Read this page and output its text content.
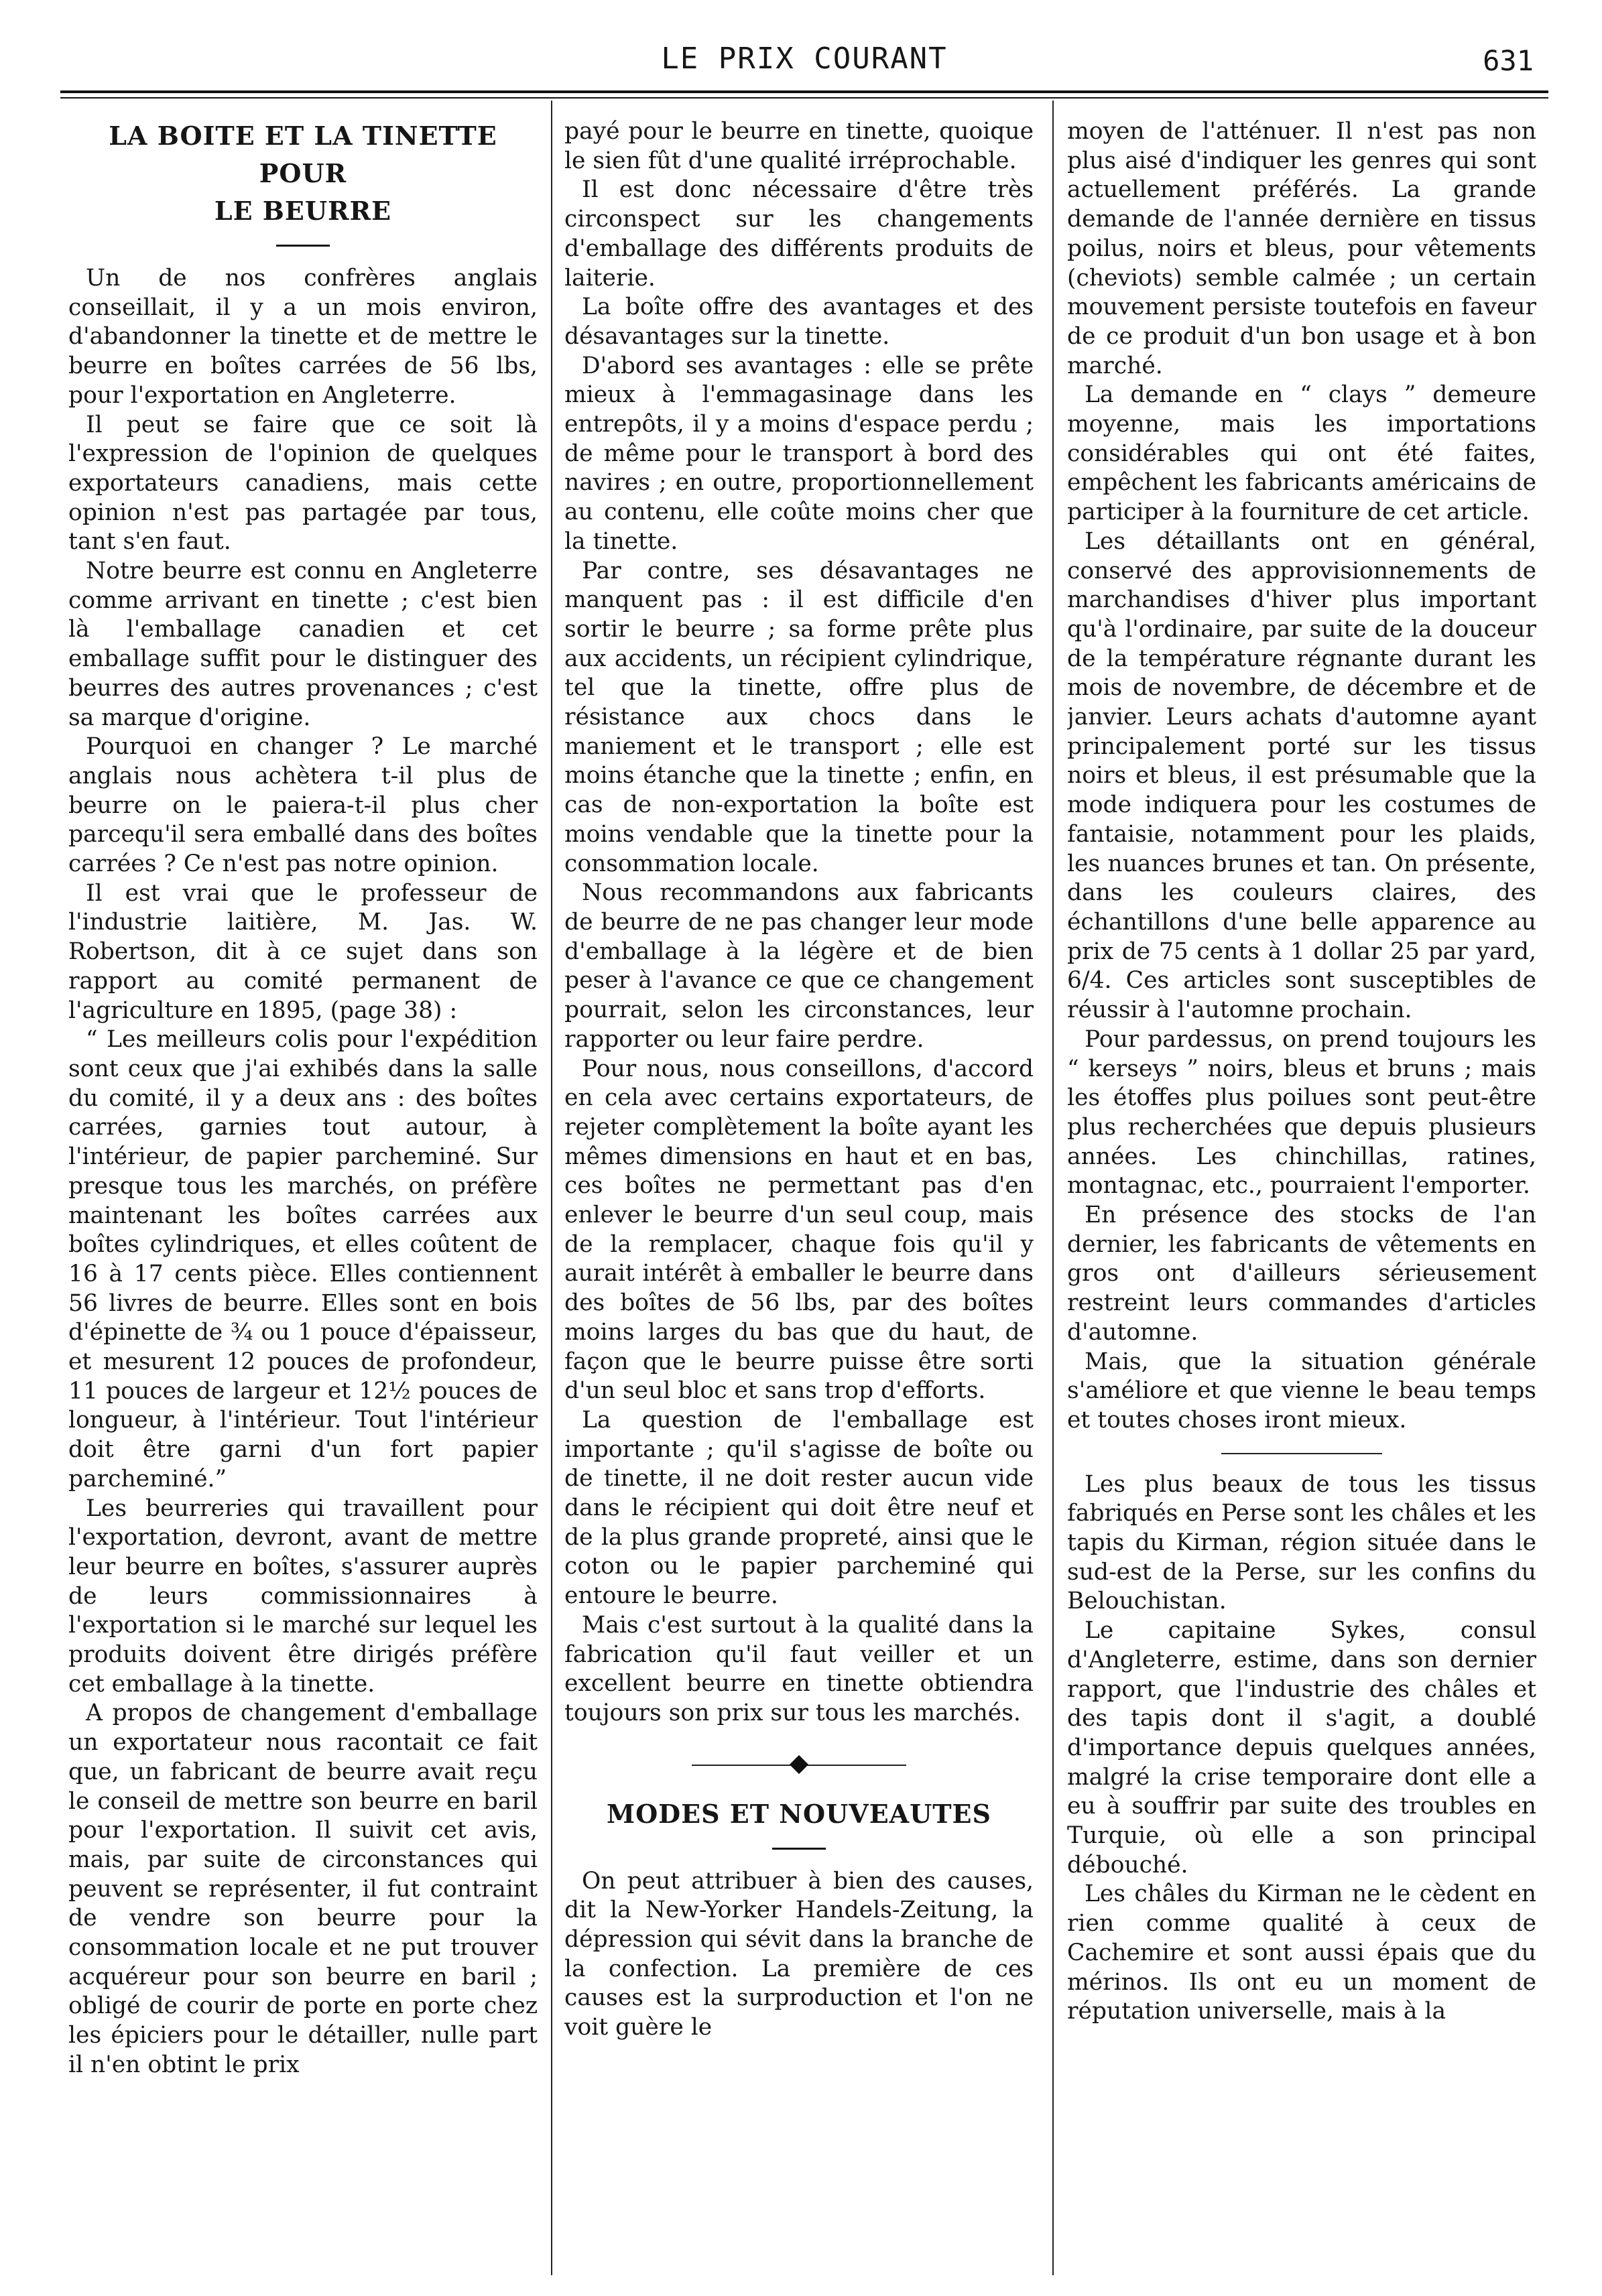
LE PRIX COURANT	631
LA BOITE ET LA TINETTE POUR
LE BEURRE

Un de nos confrères anglais conseillait, il y a un mois environ, d'abandonner la tinette et de mettre le beurre en boîtes carrées de 56 lbs, pour l'exportation en Angleterre.

Il peut se faire que ce soit là l'expression de l'opinion de quelques exportateurs canadiens, mais cette opinion n'est pas partagée par tous, tant s'en faut.

Notre beurre est connu en Angleterre comme arrivant en tinette ; c'est bien là l'emballage canadien et cet emballage suffit pour le distinguer des beurres des autres provenances ; c'est sa marque d'origine.

Pourquoi en changer ? Le marché anglais nous achètera t-il plus de beurre on le paiera-t-il plus cher parcequ'il sera emballé dans des boîtes carrées ? Ce n'est pas notre opinion.

Il est vrai que le professeur de l'industrie laitière, M. Jas. W. Robertson, dit à ce sujet dans son rapport au comité permanent de l'agriculture en 1895, (page 38) :

“ Les meilleurs colis pour l'expédition sont ceux que j'ai exhibés dans la salle du comité, il y a deux ans : des boîtes carrées, garnies tout autour, à l'intérieur, de papier parcheminé. Sur presque tous les marchés, on préfère maintenant les boîtes carrées aux boîtes cylindriques, et elles coûtent de 16 à 17 cents pièce. Elles contiennent 56 livres de beurre. Elles sont en bois d'épinette de ¾ ou 1 pouce d'épaisseur, et mesurent 12 pouces de profondeur, 11 pouces de largeur et 12½ pouces de longueur, à l'intérieur. Tout l'intérieur doit être garni d'un fort papier parcheminé.”

Les beurreries qui travaillent pour l'exportation, devront, avant de mettre leur beurre en boîtes, s'assurer auprès de leurs commissionnaires à l'exportation si le marché sur lequel les produits doivent être dirigés préfère cet emballage à la tinette.

A propos de changement d'emballage un exportateur nous racontait ce fait que, un fabricant de beurre avait reçu le conseil de mettre son beurre en baril pour l'exportation. Il suivit cet avis, mais, par suite de circonstances qui peuvent se représenter, il fut contraint de vendre son beurre pour la consommation locale et ne put trouver acquéreur pour son beurre en baril ; obligé de courir de porte en porte chez les épiciers pour le détailler, nulle part il n'en obtint le prix

payé pour le beurre en tinette, quoique le sien fût d'une qualité irréprochable.

Il est donc nécessaire d'être très circonspect sur les changements d'emballage des différents produits de laiterie.

La boîte offre des avantages et des désavantages sur la tinette.

D'abord ses avantages : elle se prête mieux à l'emmagasinage dans les entrepôts, il y a moins d'espace perdu ; de même pour le transport à bord des navires ; en outre, proportionnellement au contenu, elle coûte moins cher que la tinette.

Par contre, ses désavantages ne manquent pas : il est difficile d'en sortir le beurre ; sa forme prête plus aux accidents, un récipient cylindrique, tel que la tinette, offre plus de résistance aux chocs dans le maniement et le transport ; elle est moins étanche que la tinette ; enfin, en cas de non-exportation la boîte est moins vendable que la tinette pour la consommation locale.

Nous recommandons aux fabricants de beurre de ne pas changer leur mode d'emballage à la légère et de bien peser à l'avance ce que ce changement pourrait, selon les circonstances, leur rapporter ou leur faire perdre.

Pour nous, nous conseillons, d'accord en cela avec certains exportateurs, de rejeter complètement la boîte ayant les mêmes dimensions en haut et en bas, ces boîtes ne permettant pas d'en enlever le beurre d'un seul coup, mais de la remplacer, chaque fois qu'il y aurait intérêt à emballer le beurre dans des boîtes de 56 lbs, par des boîtes moins larges du bas que du haut, de façon que le beurre puisse être sorti d'un seul bloc et sans trop d'efforts.

La question de l'emballage est importante ; qu'il s'agisse de boîte ou de tinette, il ne doit rester aucun vide dans le récipient qui doit être neuf et de la plus grande propreté, ainsi que le coton ou le papier parcheminé qui entoure le beurre.

Mais c'est surtout à la qualité dans la fabrication qu'il faut veiller et un excellent beurre en tinette obtiendra toujours son prix sur tous les marchés.

MODES ET NOUVEAUTES

On peut attribuer à bien des causes, dit la New-Yorker Handels-Zeitung, la dépression qui sévit dans la branche de la confection. La première de ces causes est la surproduction et l'on ne voit guère le

moyen de l'atténuer. Il n'est pas non plus aisé d'indiquer les genres qui sont actuellement préférés. La grande demande de l'année dernière en tissus poilus, noirs et bleus, pour vêtements (cheviots) semble calmée ; un certain mouvement persiste toutefois en faveur de ce produit d'un bon usage et à bon marché.

La demande en “ clays ” demeure moyenne, mais les importations considérables qui ont été faites, empêchent les fabricants américains de participer à la fourniture de cet article.

Les détaillants ont en général, conservé des approvisionnements de marchandises d'hiver plus important qu'à l'ordinaire, par suite de la douceur de la température régnante durant les mois de novembre, de décembre et de janvier. Leurs achats d'automne ayant principalement porté sur les tissus noirs et bleus, il est présumable que la mode indiquera pour les costumes de fantaisie, notamment pour les plaids, les nuances brunes et tan. On présente, dans les couleurs claires, des échantillons d'une belle apparence au prix de 75 cents à 1 dollar 25 par yard, 6/4. Ces articles sont susceptibles de réussir à l'automne prochain.

Pour pardessus, on prend toujours les “ kerseys ” noirs, bleus et bruns ; mais les étoffes plus poilues sont peut-être plus recherchées que depuis plusieurs années. Les chinchillas, ratines, montagnac, etc., pourraient l'emporter.

En présence des stocks de l'an dernier, les fabricants de vêtements en gros ont d'ailleurs sérieusement restreint leurs commandes d'articles d'automne.

Mais, que la situation générale s'améliore et que vienne le beau temps et toutes choses iront mieux.

Les plus beaux de tous les tissus fabriqués en Perse sont les châles et les tapis du Kirman, région située dans le sud-est de la Perse, sur les confins du Belouchistan.

Le capitaine Sykes, consul d'Angleterre, estime, dans son dernier rapport, que l'industrie des châles et des tapis dont il s'agit, a doublé d'importance depuis quelques années, malgré la crise temporaire dont elle a eu à souffrir par suite des troubles en Turquie, où elle a son principal débouché.

Les châles du Kirman ne le cèdent en rien comme qualité à ceux de Cachemire et sont aussi épais que du mérinos. Ils ont eu un moment de réputation universelle, mais à la
